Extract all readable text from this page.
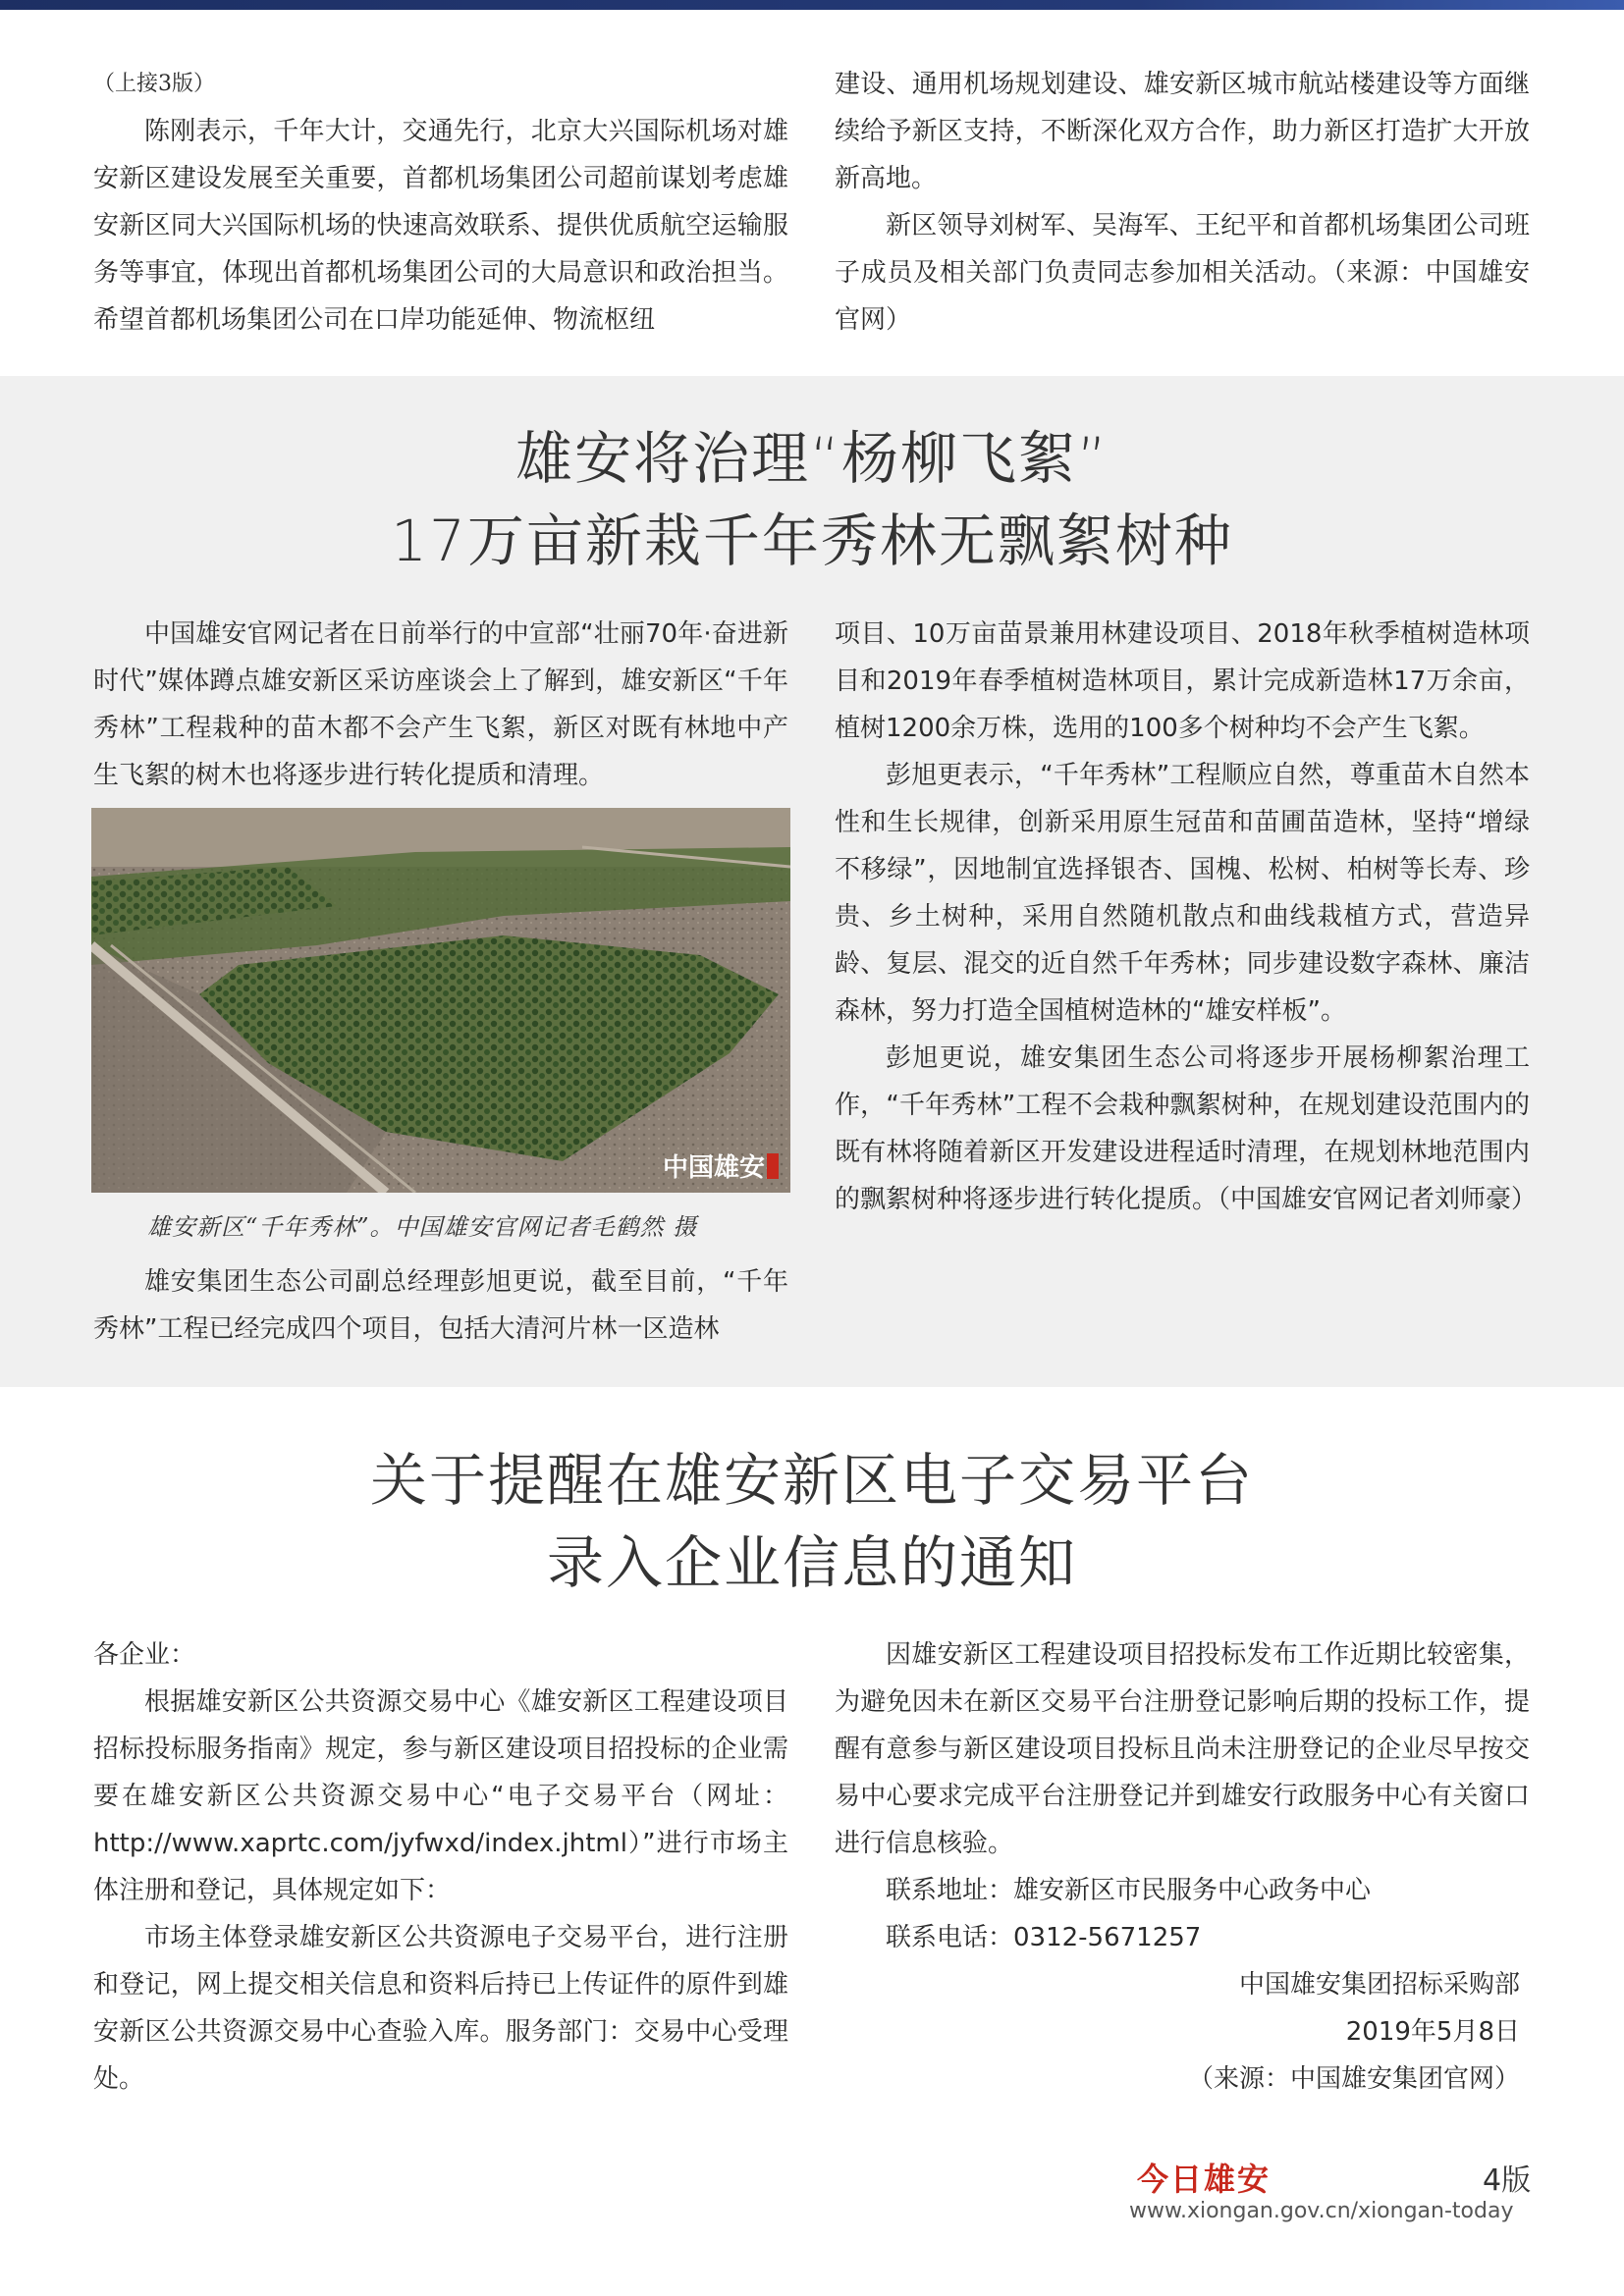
（上接3版）

陈刚表示，千年大计，交通先行，北京大兴国际机场对雄安新区建设发展至关重要，首都机场集团公司超前谋划考虑雄安新区同大兴国际机场的快速高效联系、提供优质航空运输服务等事宜，体现出首都机场集团公司的大局意识和政治担当。希望首都机场集团公司在口岸功能延伸、物流枢纽

建设、通用机场规划建设、雄安新区城市航站楼建设等方面继续给予新区支持，不断深化双方合作，助力新区打造扩大开放新高地。

新区领导刘树军、吴海军、王纪平和首都机场集团公司班子成员及相关部门负责同志参加相关活动。（来源：中国雄安官网）

雄安将治理“杨柳飞絮”
17万亩新栽千年秀林无飘絮树种

中国雄安官网记者在日前举行的中宣部“壮丽70年·奋进新时代”媒体蹲点雄安新区采访座谈会上了解到，雄安新区“千年秀林”工程栽种的苗木都不会产生飞絮，新区对既有林地中产生飞絮的树木也将逐步进行转化提质和清理。

中国雄安
雄安新区“千年秀林”。中国雄安官网记者毛鹤然 摄

雄安集团生态公司副总经理彭旭更说，截至目前，“千年秀林”工程已经完成四个项目，包括大清河片林一区造林

项目、10万亩苗景兼用林建设项目、2018年秋季植树造林项目和2019年春季植树造林项目，累计完成新造林17万余亩，植树1200余万株，选用的100多个树种均不会产生飞絮。

彭旭更表示，“千年秀林”工程顺应自然，尊重苗木自然本性和生长规律，创新采用原生冠苗和苗圃苗造林，坚持“增绿不移绿”，因地制宜选择银杏、国槐、松树、柏树等长寿、珍贵、乡土树种，采用自然随机散点和曲线栽植方式，营造异龄、复层、混交的近自然千年秀林；同步建设数字森林、廉洁森林，努力打造全国植树造林的“雄安样板”。

彭旭更说，雄安集团生态公司将逐步开展杨柳絮治理工作，“千年秀林”工程不会栽种飘絮树种，在规划建设范围内的既有林将随着新区开发建设进程适时清理，在规划林地范围内的飘絮树种将逐步进行转化提质。（中国雄安官网记者刘师豪）

关于提醒在雄安新区电子交易平台
录入企业信息的通知

各企业：

根据雄安新区公共资源交易中心《雄安新区工程建设项目招标投标服务指南》规定，参与新区建设项目招投标的企业需要在雄安新区公共资源交易中心“电子交易平台（网址：http://www.xaprtc.com/jyfwxd/index.jhtml）”进行市场主体注册和登记，具体规定如下：

市场主体登录雄安新区公共资源电子交易平台，进行注册和登记，网上提交相关信息和资料后持已上传证件的原件到雄安新区公共资源交易中心查验入库。服务部门：交易中心受理处。

因雄安新区工程建设项目招投标发布工作近期比较密集，为避免因未在新区交易平台注册登记影响后期的投标工作，提醒有意参与新区建设项目投标且尚未注册登记的企业尽早按交易中心要求完成平台注册登记并到雄安行政服务中心有关窗口进行信息核验。

联系地址：雄安新区市民服务中心政务中心

联系电话：0312-5671257

中国雄安集团招标采购部

2019年5月8日

（来源：中国雄安集团官网）

今日雄安	4版
www.xiongan.gov.cn/xiongan-today
